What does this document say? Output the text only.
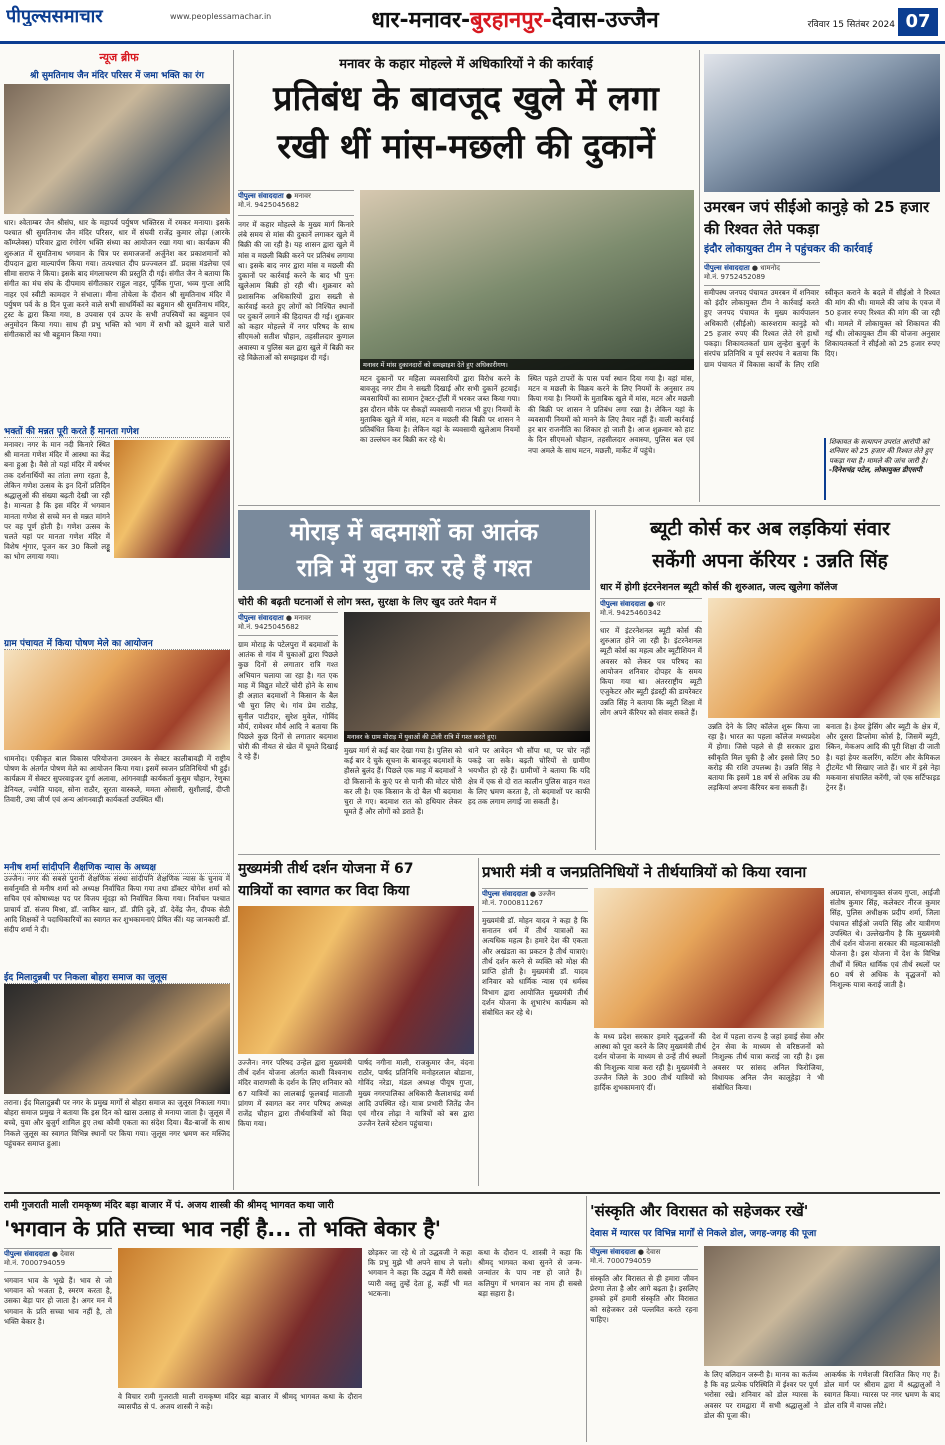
पीपुल्ससमाचार	www.peoplessamachar.in	धार-मनावर-बुरहानपुर-देवास-उज्जैन	रविवार 15 सितंबर 2024 07
न्यूज ब्रीफ
श्री सुमतिनाथ जैन मंदिर परिसर में जमा भक्ति का रंग
धार। श्वेताम्बर जैन श्रीसंघ, धार के महापर्व पर्युषण भक्तिरस में रमकर मनाया। इसके पश्चात श्री सुमतिनाथ जैन मंदिर परिसर, धार में संघवी राजेंद्र कुमार लोढ़ा (आरके कॉम्प्लेक्स) परिवार द्वारा रंगोरंग भक्ति संध्या का आयोजन रखा गया था। कार्यक्रम की शुरुआत में सुमतिनाथ भगवान के चित्र पर समाजजनों अर्जुनेश कर प्रकाशमानों को दीपदान द्वारा माल्यार्पण किया गया। तत्पश्चात दीप प्रज्ज्वलन डॉ. प्रदास मंडलेचा एवं सीमा सराफ ने किया। इसके बाद मंगलाचरण की प्रस्तुति दी गई। संगीत जैन ने बताया कि संगीत का मंच संघ के दीपमाय संगीतकार राहुल नाहर, पूर्विक गुप्ता, भव्य गुप्ता आदि नाहर एवं स्वीटी कामदार ने संभाला। मीना तोचेला के दीरान श्री सुमतिनाथ मंदिर में पर्युषण पर्व के 8 दिन पूजा करने वाले सभी साधर्मिकों का बहुमान श्री सुमतिनाथ मंदिर, ट्रस्ट के द्वारा किया गया, 8 उपवास एवं ऊपर के सभी तपस्वियों का बहुमान एवं अनुमोदन किया गया। साथ ही प्रभु भक्ति को भाग में सभी को झूमने वाले चारों संगीतकारों का भी बहुमान किया गया।
भक्तों की मन्नत पूरी करते हैं मानता गणेश
मनावर। नगर के मान नदी किनारे स्थित श्री मानता गणेश मंदिर में आस्था का केंद्र बना हुआ है। वैसे तो यहां मंदिर में वर्षभर तक दर्शनार्थियों का तांता लगा रहता है, लेकिन गणेश उत्सव के इन दिनों प्रतिदिन श्रद्धालुओं की संख्या बढ़ती देखी जा रही है। मान्यता है कि इस मंदिर में भगवान मानता गणेश से सच्चे मन से मन्नत मांगने पर वह पूर्ण होती है। गणेश उत्सव के चलते यहां पर मानता गणेश मंदिर में विशेष शृंगार, पूजन कर 30 किलो लड्डू का भोग लगाया गया।
ग्राम पंचायत में किया पोषण मेले का आयोजन
धामनोद। एकीकृत बाल विकास परियोजना उमरबन के सेक्टर कालीबावड़ी में राष्ट्रीय पोषण के अंतर्गत पोषण मेले का आयोजन किया गया। इसमें स्वजन प्रतिनिधियों भी हुईं। कार्यक्रम में सेक्टर सुपरवाइजर दुर्गा अलावा, आंगनवाड़ी कार्यकर्ता कुसुम चौहान, रेणुका डेनियल, ज्योति यादव, सोना राठौर, सुरता वास्कले, ममता ओसारी, सुशीलाई, दीप्ती तिवारी, उषा जीर्ण एवं अन्य आंगनवाड़ी कार्यकर्ता उपस्थित थीं।
मनीष शर्मा सांदीपनि शैक्षणिक न्यास के अध्यक्ष
उज्जैन। नगर की सबसे पुरानी शैक्षणिक संस्था सांदीपनि शैक्षणिक न्यास के चुनाव में सर्वानुमति से मनीष शर्मा को अध्यक्ष निर्वाचित किया गया तथा डॉक्टर योगेश शर्मा को सचिव एवं कोषाध्यक्ष पद पर विजय मूंदड़ा को निर्वाचित किया गया। निर्वाचन पश्चात प्राचार्य डॉ. संजय मिश्रा, डॉ. जाकिर खान, डॉ. प्रीति दुबे, डॉ. देवेंद्र जैन, दीपक सेठी आदि शिक्षकों ने पदाधिकारियों का स्वागत कर शुभकामनाएं प्रेषित कीं। यह जानकारी डॉ. संदीप शर्मा ने दी।
ईद मिलादुन्नबी पर निकला बोहरा समाज का जुलूस
तराना। ईद मिलादुन्नबी पर नगर के प्रमुख मार्गों से बोहरा समाज का जुलूस निकाला गया। बोहरा समाज प्रमुख ने बताया कि इस दिन को खास उत्साह से मनाया जाता है। जुलूस में बच्चे, युवा और बुजुर्ग शामिल हुए तथा कौमी एकता का संदेश दिया। बैंड-बाजों के साथ निकले जुलूस का स्वागत विभिन्न स्थानों पर किया गया। जुलूस नगर भ्रमण कर मस्जिद पहुंचकर समाप्त हुआ।
मनावर के कहार मोहल्ले में अधिकारियों ने की कार्रवाई
प्रतिबंध के बावजूद खुले में लगा
रखी थीं मांस-मछली की दुकानें
पीपुल्स संवाददाता ● मनावर
मो.नं. 9425045682
मनावर में मांस दुकानदारों को समझाइश देते हुए अधिकारीगण।
नगर में कहार मोहल्ले के मुख्य मार्ग किनारे लंबे समय से मांस की दुकानें लगाकर खुले में बिक्री की जा रही है। यह शासन द्वारा खुले में मांस व मछली बिक्री करने पर प्रतिबंध लगाया था। इसके बाद नगर द्वारा मांस व मछली की दुकानों पर कार्रवाई करने के बाद भी पुनः खुलेआम बिक्री हो रही थी। शुक्रवार को प्रशासनिक अधिकारियों द्वारा सख्ती से कार्रवाई करते हुए लोगों को निश्चित स्थानों पर दुकानें लगाने की हिदायत दी गई। शुक्रवार को कहार मोहल्ले में नगर परिषद के साथ सीएमओ सतीश चौहान, तहसीलदार कुणाल अवास्या व पुलिस बल द्वारा खुले में बिक्री कर रहे विक्रेताओं को समझाइश दी गई।
मटन दुकानों पर महिला व्यवसायियों द्वारा विरोध करने के बावजूद नगर टीम ने सख्ती दिखाई और सभी दुकानें हटवाईं। व्यवसायियों का सामान ट्रेक्टर-ट्रॉली में भरकर जब्त किया गया। इस दौरान मौके पर सैकड़ों व्यवसायी नाराज भी हुए। नियमों के मुताबिक खुले में मांस, मटन व मछली की बिक्री पर शासन ने प्रतिबंधित किया है। लेकिन यहां के व्यवसायी खुलेआम नियमों का उल्लंघन कर बिक्री कर रहे थे।
स्थित पहले टापरों के पास पर्या स्थान दिया गया है। वहां मांस, मटन व मछली के विक्रय करने के लिए नियमों के अनुसार तय किया गया है। नियमों के मुताबिक खुले में मांस, मटन और मछली की बिक्री पर शासन ने प्रतिबंध लगा रखा है। लेकिन यहां के व्यवसायी नियमों को मानने के लिए तैयार नहीं हैं। वाली कार्रवाई हर बार राजनीति का शिकार हो जाती है। आज शुक्रवार को हाट के दिन सीएमओ चौहान, तहसीलदार अवास्या, पुलिस बल एवं नपा अमले के साथ मटन, मछली, मार्केट में पहुंचे।
उमरबन जपं सीईओ कानुड़े को 25 हजार की रिश्वत लेते पकड़ा
इंदौर लोकायुक्त टीम ने पहुंचकर की कार्रवाई
पीपुल्स संवाददाता ● धामनोद
मो.नं. 9752452089
समीपस्थ जनपद पंचायत उमरबन में शनिवार को इंदौर लोकायुक्त टीम ने कार्रवाई करते हुए जनपद पंचायत के मुख्य कार्यपालन अधिकारी (सीईओ) कारुशराम कानुड़े को 25 हजार रुपए की रिश्वत लेते रंगे हाथों पकड़ा। शिकायतकर्ता ग्राम लुन्हेरा बुजुर्ग के संरपंच प्रतिनिधि व पूर्व सरपंच ने बताया कि ग्राम पंचायत में विकास कार्यों के लिए राशि स्वीकृत कराने के बदले में सीईओ ने रिश्वत की मांग की थी। मामले की जांच के एवज में 50 हजार रुपए रिश्वत की मांग की जा रही थी। मामले में लोकायुक्त को शिकायत की गई थी। लोकायुक्त टीम की योजना अनुसार शिकायतकर्ता ने सीईओ को 25 हजार रुपए दिए।
शिकायत के सत्यापन उपरांत आरोपी को शनिवार को 25 हजार की रिश्वत लेते हुए पकड़ा गया है। मामले की जांच जारी है।
-दिनेशचंद्र पटेल, लोकायुक्त डीएसपी
मोराड़ में बदमाशों का आतंक
रात्रि में युवा कर रहे हैं गश्त
चोरी की बढ़ती घटनाओं से लोग त्रस्त, सुरक्षा के लिए खुद उतरे मैदान में
पीपुल्स संवाददाता ● मनावर
मो.नं. 9425045682
मनावर के ग्राम मोराड़ में युवाओं की टोली रात्रि में गश्त करते हुए।
ग्राम मोराड़ के पटेलपुरा में बदमाशों के आतंक से गांव में चुकाओं द्वारा पिछले कुछ दिनों से लगातार रात्रि गश्त अभियान चलाया जा रहा है। गत एक माह में विद्युत मोटरें चोरी होने के साथ ही अज्ञात बदमाशों ने किसान के बैल भी चुरा लिए थे। गांव प्रेम राठौड़, सुनील पाटीदार, सुरेश मुवेल, गोविंद मौर्य, रामेश्वर मौर्य आदि ने बताया कि पिछले कुछ दिनों से लगातार बदमाश चोरी की नीयत से खेत में घूमते दिखाई दे रहे हैं।
मुख्य मार्ग से कई बार देखा गया है। पुलिस को कई बार दे चुके सूचना के बावजूद बदमाशों के हौसले बुलंद हैं। पिछले एक माह में बदमाशों ने दो किसानों के कुएं पर से पानी की मोटर चोरी कर ली है। एक किसान के दो बैल भी बदमाश चुरा ले गए। बदमाश रात को हथियार लेकर घूमते हैं और लोगों को डराते हैं।
थाने पर आवेदन भी सौंपा था, पर चोर नहीं पकड़े जा सके। बढ़ती चोरियों से ग्रामीण भयभीत हो रहे हैं। ग्रामीणों ने बताया कि यदि क्षेत्र में एक से दो रात कालीन पुलिस वाहन गश्त के लिए भ्रमण करता है, तो बदमाशों पर काफी हद तक लगाम लगाई जा सकती है।
ब्यूटी कोर्स कर अब लड़कियां संवार
सकेंगी अपना कॅरियर : उन्नति सिंह
धार में होगी इंटरनेशनल ब्यूटी कोर्स की शुरुआत, जल्द खुलेगा कॉलेज
पीपुल्स संवाददाता ● धार
मो.नं. 9425460342
धार में इंटरनेशनल ब्यूटी कोर्स की शुरुआत होने जा रही है। इंटरनेशनल ब्यूटी कोर्स का महत्व और ब्यूटीशियन में अवसर को लेकर पत्र परिषद का आयोजन शनिवार दोपहर के समय किया गया था। अंतरराष्ट्रीय ब्यूटी एजुकेटर और ब्यूटी इंडस्ट्री की डायरेक्टर उन्नति सिंह ने बताया कि ब्यूटी शिक्षा में लोग अपने कॅरियर को संवार सकते हैं।
उन्नति देने के लिए कॉलेज शुरू किया जा रहा है। भारत का पहला कॉलेज मध्यप्रदेश में होगा। जिसे पहले से ही सरकार द्वारा स्वीकृति मिल चुकी है और इससे लिए 50 करोड़ की राशि उपलब्ध है। उन्नति सिंह ने बताया कि इसमें 18 वर्ष से अधिक उम्र की लड़कियां अपना कॅरियर बना सकती हैं।
बनाता है। हेयर ड्रेसिंग और ब्यूटी के क्षेत्र में, और दूसरा डिप्लोमा कोर्स है, जिसमें ब्यूटी, स्किन, मेकअप आदि की पूरी शिक्षा दी जाती है। यहां हेयर कलरिंग, कटिंग और केमिकल ट्रीटमेंट भी सिखाए जाते हैं। धार में इसे नेहा मकवाना संचालित करेंगी, जो एक सर्टिफाइड ट्रेनर हैं।
मुख्यमंत्री तीर्थ दर्शन योजना में 67
यात्रियों का स्वागत कर विदा किया
उज्जैन। नगर परिषद उन्हेल द्वारा मुख्यमंत्री तीर्थ दर्शन योजना अंतर्गत काशी विश्वनाथ मंदिर वाराणसी के दर्शन के लिए शनिवार को 67 यात्रियों का लालबाई फूलबाई माताजी प्रांगण में स्वागत कर नगर परिषद अध्यक्ष राजेंद्र चौहान द्वारा तीर्थयात्रियों को विदा किया गया।
पार्षद नगीना माली, राजकुमार जैन, वंदना राठौर, पार्षद प्रतिनिधि मनोहरलाल बोडाना, गोविंद नरेडा, मंडल अध्यक्ष पीयूष गुप्ता, मुख्य नगरपालिका अधिकारी कैलाशचंद्र वर्मा आदि उपस्थित रहे। यात्रा प्रभारी जितेंद्र जैन एवं गौरव लोढ़ा ने यात्रियों को बस द्वारा उज्जैन रेलवे स्टेशन पहुंचाया।
प्रभारी मंत्री व जनप्रतिनिधियों ने तीर्थयात्रियों को किया रवाना
पीपुल्स संवाददाता ● उज्जैन
मो.नं. 7000811267
मुख्यमंत्री डॉ. मोहन यादव ने कहा है कि सनातन धर्म में तीर्थ यात्राओं का अत्यधिक महत्व है। हमारे देश की एकता और अखंडता का प्रकटन है तीर्थ यात्राएं। तीर्थ दर्शन करने से व्यक्ति को मोक्ष की प्राप्ति होती है। मुख्यमंत्री डॉ. यादव शनिवार को धार्मिक न्यास एवं धर्मस्व विभाग द्वारा आयोजित मुख्यमंत्री तीर्थ दर्शन योजना के शुभारंभ कार्यक्रम को संबोधित कर रहे थे।
के मध्य प्रदेश सरकार हमारे वृद्धजनों की आस्था को पूरा करने के लिए मुख्यमंत्री तीर्थ दर्शन योजना के माध्यम से उन्हें तीर्थ स्थलों की निःशुल्क यात्रा करा रही है। मुख्यमंत्री ने उज्जैन जिले के 300 तीर्थ यात्रियों को हार्दिक शुभकामनाएं दीं।
देश में पहला राज्य है जहां हवाई सेवा और ट्रेन सेवा के माध्यम से वरिष्ठजनों को निःशुल्क तीर्थ यात्रा कराई जा रही है। इस अवसर पर सांसद अनिल फिरोजिया, विधायक अनिल जैन कालूहेड़ा ने भी संबोधित किया।
अग्रवाल, संभागायुक्त संजय गुप्ता, आईजी संतोष कुमार सिंह, कलेक्टर नीरज कुमार सिंह, पुलिस अधीक्षक प्रदीप शर्मा, जिला पंचायत सीईओ जयति सिंह और यात्रीगण उपस्थित थे। उल्लेखनीय है कि मुख्यमंत्री तीर्थ दर्शन योजना सरकार की महत्वाकांक्षी योजना है। इस योजना में देश के विभिन्न तीर्थों में स्थित धार्मिक एवं तीर्थ स्थलों पर 60 वर्ष से अधिक के वृद्धजनों को निःशुल्क यात्रा कराई जाती है।
रामी गुजराती माली रामकृष्ण मंदिर बड़ा बाजार में पं. अजय शास्त्री की श्रीमद् भागवत कथा जारी
'भगवान के प्रति सच्चा भाव नहीं है... तो भक्ति बेकार है'
पीपुल्स संवाददाता ● देवास
मो.नं. 7000794059
भगवान भाव के भूखे हैं। भाव से जो भगवान को भजता है, स्मरण करता है, उसका बेड़ा पार हो जाता है। अगर मन में भगवान के प्रति सच्चा भाव नहीं है, तो भक्ति बेकार है।
वे विचार रामी गुजराती माली रामकृष्ण मंदिर बड़ा बाजार में श्रीमद् भागवत कथा के दौरान व्यासपीठ से पं. अजय शास्त्री ने कहे।
छोड़कर जा रहे थे तो उद्धवजी ने कहा कि प्रभु मुझे भी अपने साथ ले चलो। भगवान ने कहा कि उद्धव मैं मेरी सबसे प्यारी वस्तु तुम्हें देता हूं, कहीं भी मत भटकना।
कथा के दौरान पं. शास्त्री ने कहा कि श्रीमद् भागवत कथा सुनने से जन्म-जन्मांतर के पाप नष्ट हो जाते हैं। कलियुग में भगवान का नाम ही सबसे बड़ा सहारा है।
'संस्कृति और विरासत को सहेजकर रखें'
देवास में ग्यारस पर विभिन्न मार्गों से निकले डोल, जगह-जगह की पूजा
पीपुल्स संवाददाता ● देवास
मो.नं. 7000794059
संस्कृति और विरासत से ही हमारा जीवन प्रेरणा लेता है और आगे बढ़ता है। इसलिए हमको हमें हमारी संस्कृति और विरासत को सहेजकर उसे पल्लवित करते रहना चाहिए।
के लिए बलिदान जरूरी है। मानव का कर्तव्य है कि वह प्रत्येक परिस्थिति में ईश्वर पर पूर्ण भरोसा रखे। शनिवार को डोल ग्यारस के अवसर पर रामद्वारा में सभी श्रद्धालुओं ने डोल की पूजा की।
आकर्षक के गणेशजी विराजित किए गए हैं। डोल मार्ग पर श्रीराम द्वारा में श्रद्धालुओं ने स्वागत किया। ग्यारस पर नगर भ्रमण के बाद डोल रात्रि में वापस लौटे।
